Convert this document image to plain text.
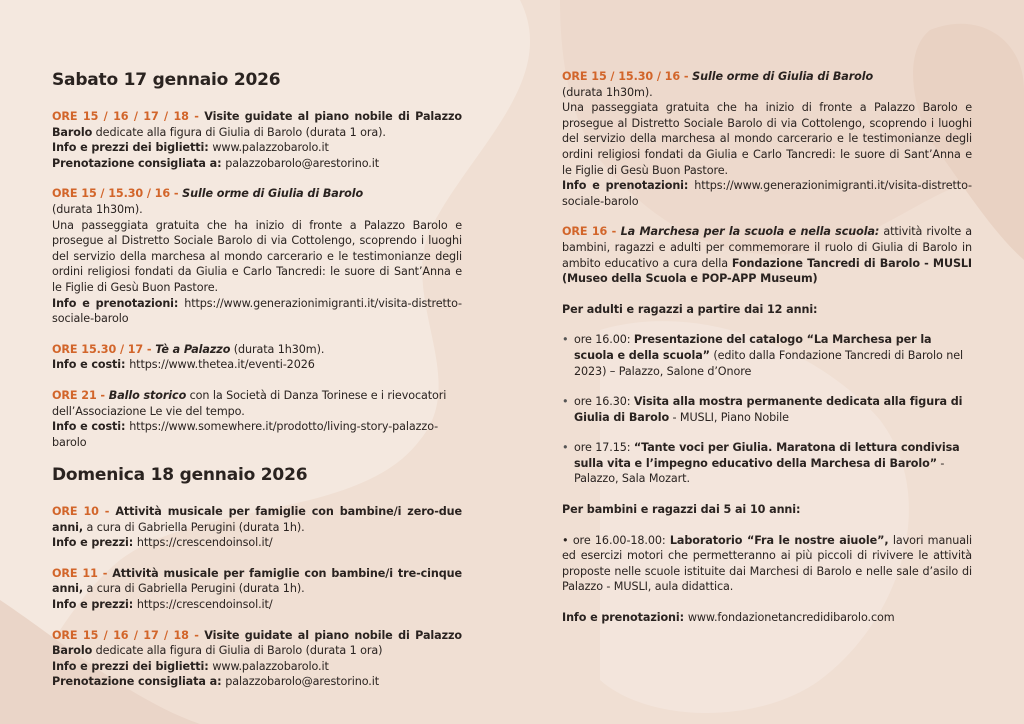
Sabato 17 gennaio 2026
ORE 15 / 16 / 17 / 18 - Visite guidate al piano nobile di Palazzo Barolo dedicate alla figura di Giulia di Barolo (durata 1 ora).
Info e prezzi dei biglietti: www.palazzobarolo.it
Prenotazione consigliata a: palazzobarolo@arestorino.it
ORE 15 / 15.30 / 16 - Sulle orme di Giulia di Barolo
(durata 1h30m).
Una passeggiata gratuita che ha inizio di fronte a Palazzo Barolo e prosegue al Distretto Sociale Barolo di via Cottolengo, scoprendo i luoghi del servizio della marchesa al mondo carcerario e le testimonianze degli ordini religiosi fondati da Giulia e Carlo Tancredi: le suore di Sant’Anna e le Figlie di Gesù Buon Pastore.
Info e prenotazioni: https://www.generazionimigranti.it/visita-distretto-sociale-barolo
ORE 15.30 / 17 - Tè a Palazzo (durata 1h30m).
Info e costi: https://www.thetea.it/eventi-2026
ORE 21 - Ballo storico con la Società di Danza Torinese e i rievocatori dell’Associazione Le vie del tempo.
Info e costi: https://www.somewhere.it/prodotto/living-story-palazzo-barolo
Domenica 18 gennaio 2026
ORE 10 - Attività musicale per famiglie con bambine/i zero-due anni, a cura di Gabriella Perugini (durata 1h).
Info e prezzi: https://crescendoinsol.it/
ORE 11 - Attività musicale per famiglie con bambine/i tre-cinque anni, a cura di Gabriella Perugini (durata 1h).
Info e prezzi: https://crescendoinsol.it/
ORE 15 / 16 / 17 / 18 - Visite guidate al piano nobile di Palazzo Barolo dedicate alla figura di Giulia di Barolo (durata 1 ora)
Info e prezzi dei biglietti: www.palazzobarolo.it
Prenotazione consigliata a: palazzobarolo@arestorino.it
ORE 15 / 15.30 / 16 - Sulle orme di Giulia di Barolo
(durata 1h30m).
Una passeggiata gratuita che ha inizio di fronte a Palazzo Barolo e prosegue al Distretto Sociale Barolo di via Cottolengo, scoprendo i luoghi del servizio della marchesa al mondo carcerario e le testimonianze degli ordini religiosi fondati da Giulia e Carlo Tancredi: le suore di Sant’Anna e le Figlie di Gesù Buon Pastore.
Info e prenotazioni: https://www.generazionimigranti.it/visita-distretto-sociale-barolo
ORE 16 - La Marchesa per la scuola e nella scuola: attività rivolte a bambini, ragazzi e adulti per commemorare il ruolo di Giulia di Barolo in ambito educativo a cura della Fondazione Tancredi di Barolo - MUSLI (Museo della Scuola e POP-APP Museum)
Per adulti e ragazzi a partire dai 12 anni:
• ore 16.00: Presentazione del catalogo “La Marchesa per la scuola e della scuola” (edito dalla Fondazione Tancredi di Barolo nel 2023) – Palazzo, Salone d’Onore
• ore 16.30: Visita alla mostra permanente dedicata alla figura di Giulia di Barolo - MUSLI, Piano Nobile
• ore 17.15: “Tante voci per Giulia. Maratona di lettura condivisa sulla vita e l’impegno educativo della Marchesa di Barolo” - Palazzo, Sala Mozart.
Per bambini e ragazzi dai 5 ai 10 anni:
• ore 16.00-18.00: Laboratorio “Fra le nostre aiuole”, lavori manuali ed esercizi motori che permetteranno ai più piccoli di rivivere le attività proposte nelle scuole istituite dai Marchesi di Barolo e nelle sale d’asilo di Palazzo - MUSLI, aula didattica.
Info e prenotazioni: www.fondazionetancredidibarolo.com
